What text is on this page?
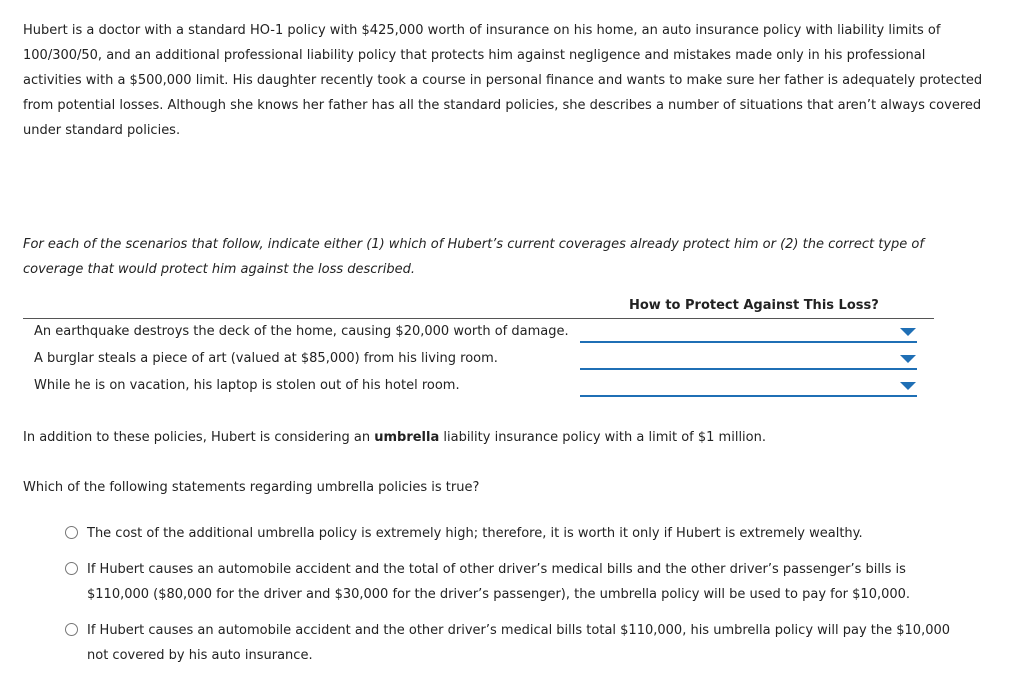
Hubert is a doctor with a standard HO-1 policy with $425,000 worth of insurance on his home, an auto insurance policy with liability limits of 100/300/50, and an additional professional liability policy that protects him against negligence and mistakes made only in his professional activities with a $500,000 limit. His daughter recently took a course in personal finance and wants to make sure her father is adequately protected from potential losses. Although she knows her father has all the standard policies, she describes a number of situations that aren’t always covered under standard policies.

For each of the scenarios that follow, indicate either (1) which of Hubert’s current coverages already protect him or (2) the correct type of coverage that would protect him against the loss described.

How to Protect Against This Loss?
An earthquake destroys the deck of the home, causing $20,000 worth of damage.
A burglar steals a piece of art (valued at $85,000) from his living room.
While he is on vacation, his laptop is stolen out of his hotel room.

In addition to these policies, Hubert is considering an umbrella liability insurance policy with a limit of $1 million.

Which of the following statements regarding umbrella policies is true?

The cost of the additional umbrella policy is extremely high; therefore, it is worth it only if Hubert is extremely wealthy.

If Hubert causes an automobile accident and the total of other driver’s medical bills and the other driver’s passenger’s bills is $110,000 ($80,000 for the driver and $30,000 for the driver’s passenger), the umbrella policy will be used to pay for $10,000.

If Hubert causes an automobile accident and the other driver’s medical bills total $110,000, his umbrella policy will pay the $10,000 not covered by his auto insurance.
